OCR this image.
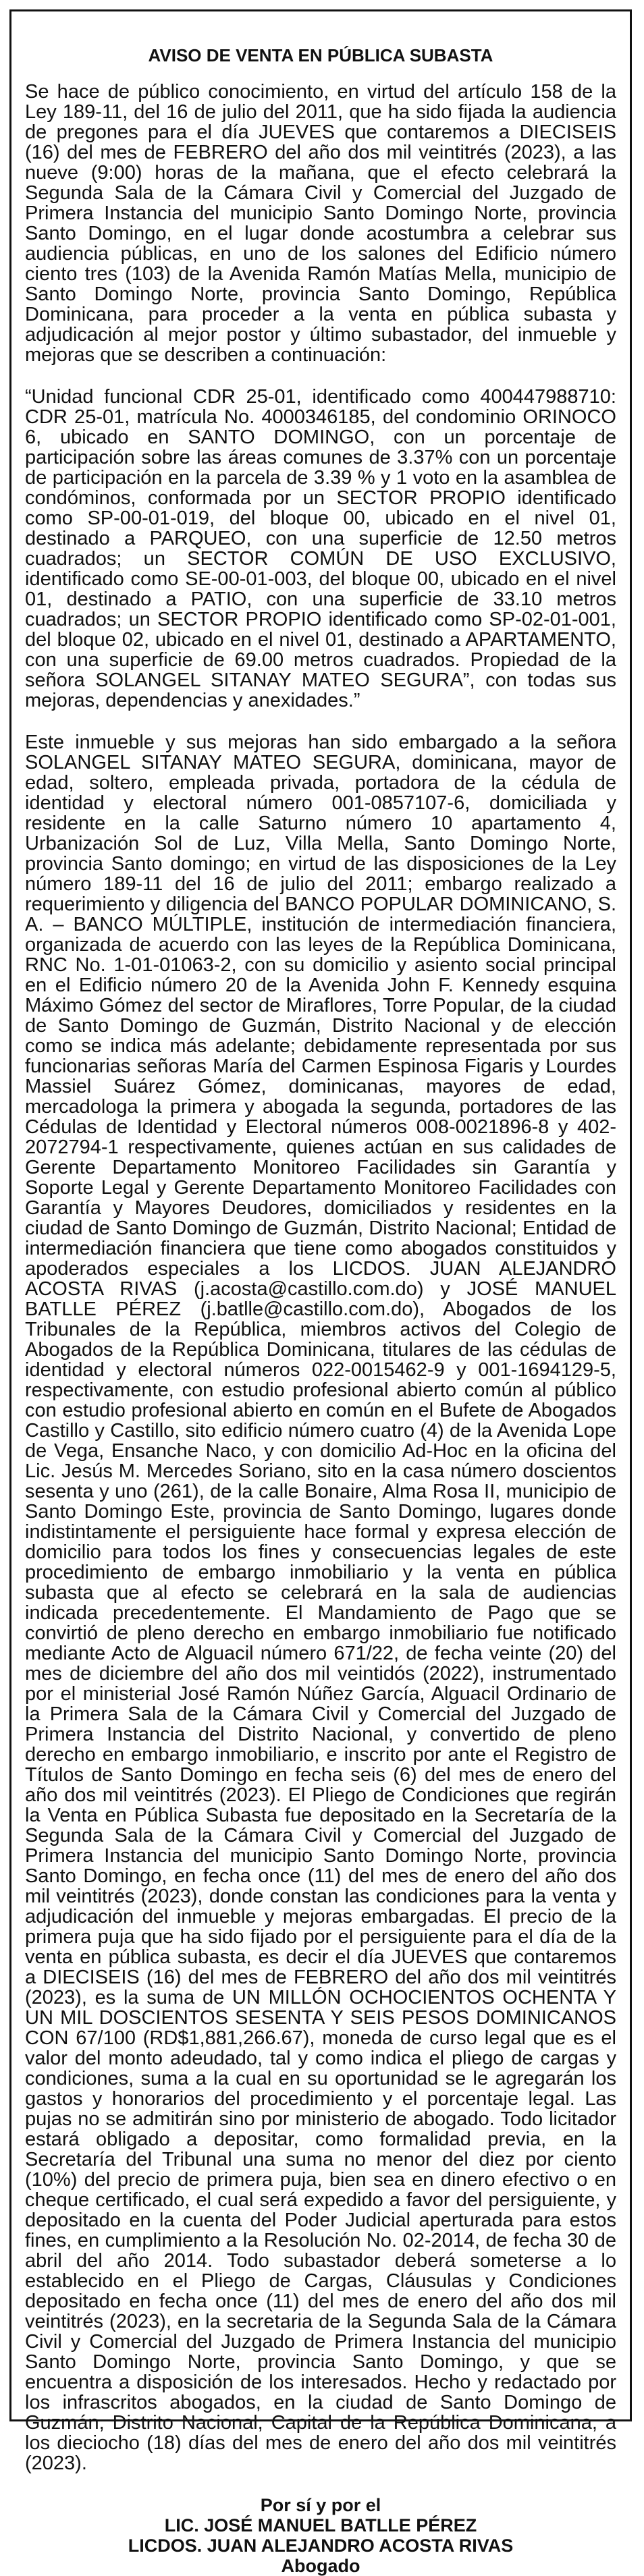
AVISO DE VENTA EN PÚBLICA SUBASTA

Se hace de público conocimiento, en virtud del artículo 158 de la Ley 189-11, del 16 de julio del 2011, que ha sido fijada la audiencia de pregones para el día JUEVES que contaremos a DIECISEIS (16) del mes de FEBRERO del año dos mil veintitrés (2023), a las nueve (9:00) horas de la mañana, que el efecto celebrará la Segunda Sala de la Cámara Civil y Comercial del Juzgado de Primera Instancia del municipio Santo Domingo Norte, provincia Santo Domingo, en el lugar donde acostumbra a celebrar sus audiencia públicas, en uno de los salones del Edificio número ciento tres (103) de la Avenida Ramón Matías Mella, municipio de Santo Domingo Norte, provincia Santo Domingo, República Dominicana, para proceder a la venta en pública subasta y adjudicación al mejor postor y último subastador, del inmueble y mejoras que se describen a continuación:

“Unidad funcional CDR 25-01, identificado como 400447988710: CDR 25-01, matrícula No. 4000346185, del condominio ORINOCO 6, ubicado en SANTO DOMINGO, con un porcentaje de participación sobre las áreas comunes de 3.37% con un porcentaje de participación en la parcela de 3.39 % y 1 voto en la asamblea de condóminos, conformada por un SECTOR PROPIO identificado como SP-00-01-019, del bloque 00, ubicado en el nivel 01, destinado a PARQUEO, con una superficie de 12.50 metros cuadrados; un SECTOR COMÚN DE USO EXCLUSIVO, identificado como SE-00-01-003, del bloque 00, ubicado en el nivel 01, destinado a PATIO, con una superficie de 33.10 metros cuadrados; un SECTOR PROPIO identificado como SP-02-01-001, del bloque 02, ubicado en el nivel 01, destinado a APARTAMENTO, con una superficie de 69.00 metros cuadrados. Propiedad de la señora SOLANGEL SITANAY MATEO SEGURA”, con todas sus mejoras, dependencias y anexidades.”

Este inmueble y sus mejoras han sido embargado a la señora SOLANGEL SITANAY MATEO SEGURA, dominicana, mayor de edad, soltero, empleada privada, portadora de la cédula de identidad y electoral número 001-0857107-6, domiciliada y residente en la calle Saturno número 10 apartamento 4, Urbanización Sol de Luz, Villa Mella, Santo Domingo Norte, provincia Santo domingo; en virtud de las disposiciones de la Ley número 189-11 del 16 de julio del 2011; embargo realizado a requerimiento y diligencia del BANCO POPULAR DOMINICANO, S. A. – BANCO MÚLTIPLE, institución de intermediación financiera, organizada de acuerdo con las leyes de la República Dominicana, RNC No. 1-01-01063-2, con su domicilio y asiento social principal en el Edificio número 20 de la Avenida John F. Kennedy esquina Máximo Gómez del sector de Miraflores, Torre Popular, de la ciudad de Santo Domingo de Guzmán, Distrito Nacional y de elección como se indica más adelante; debidamente representada por sus funcionarias señoras María del Carmen Espinosa Figaris y Lourdes Massiel Suárez Gómez, dominicanas, mayores de edad, mercadologa la primera y abogada la segunda, portadores de las Cédulas de Identidad y Electoral números 008-0021896-8 y 402-2072794-1 respectivamente, quienes actúan en sus calidades de Gerente Departamento Monitoreo Facilidades sin Garantía y Soporte Legal y Gerente Departamento Monitoreo Facilidades con Garantía y Mayores Deudores, domiciliados y residentes en la ciudad de Santo Domingo de Guzmán, Distrito Nacional; Entidad de intermediación financiera que tiene como abogados constituidos y apoderados especiales a los LICDOS. JUAN ALEJANDRO ACOSTA RIVAS (j.acosta@castillo.com.do) y JOSÉ MANUEL BATLLE PÉREZ (j.batlle@castillo.com.do), Abogados de los Tribunales de la República, miembros activos del Colegio de Abogados de la República Dominicana, titulares de las cédulas de identidad y electoral números 022-0015462-9 y 001-1694129-5, respectivamente, con estudio profesional abierto común al público con estudio profesional abierto en común en el Bufete de Abogados Castillo y Castillo, sito edificio número cuatro (4) de la Avenida Lope de Vega, Ensanche Naco, y con domicilio Ad-Hoc en la oficina del Lic. Jesús M. Mercedes Soriano, sito en la casa número doscientos sesenta y uno (261), de la calle Bonaire, Alma Rosa II, municipio de Santo Domingo Este, provincia de Santo Domingo, lugares donde indistintamente el persiguiente hace formal y expresa elección de domicilio para todos los fines y consecuencias legales de este procedimiento de embargo inmobiliario y la venta en pública subasta que al efecto se celebrará en la sala de audiencias indicada precedentemente. El Mandamiento de Pago que se convirtió de pleno derecho en embargo inmobiliario fue notificado mediante Acto de Alguacil número 671/22, de fecha veinte (20) del mes de diciembre del año dos mil veintidós (2022), instrumentado por el ministerial José Ramón Núñez García, Alguacil Ordinario de la Primera Sala de la Cámara Civil y Comercial del Juzgado de Primera Instancia del Distrito Nacional, y convertido de pleno derecho en embargo inmobiliario, e inscrito por ante el Registro de Títulos de Santo Domingo en fecha seis (6) del mes de enero del año dos mil veintitrés (2023). El Pliego de Condiciones que regirán la Venta en Pública Subasta fue depositado en la Secretaría de la Segunda Sala de la Cámara Civil y Comercial del Juzgado de Primera Instancia del municipio Santo Domingo Norte, provincia Santo Domingo, en fecha once (11) del mes de enero del año dos mil veintitrés (2023), donde constan las condiciones para la venta y adjudicación del inmueble y mejoras embargadas. El precio de la primera puja que ha sido fijado por el persiguiente para el día de la venta en pública subasta, es decir el día JUEVES que contaremos a DIECISEIS (16) del mes de FEBRERO del año dos mil veintitrés (2023), es la suma de UN MILLÓN OCHOCIENTOS OCHENTA Y UN MIL DOSCIENTOS SESENTA Y SEIS PESOS DOMINICANOS CON 67/100 (RD$1,881,266.67), moneda de curso legal que es el valor del monto adeudado, tal y como indica el pliego de cargas y condiciones, suma a la cual en su oportunidad se le agregarán los gastos y honorarios del procedimiento y el porcentaje legal. Las pujas no se admitirán sino por ministerio de abogado. Todo licitador estará obligado a depositar, como formalidad previa, en la Secretaría del Tribunal una suma no menor del diez por ciento (10%) del precio de primera puja, bien sea en dinero efectivo o en cheque certificado, el cual será expedido a favor del persiguiente, y depositado en la cuenta del Poder Judicial aperturada para estos fines, en cumplimiento a la Resolución No. 02-2014, de fecha 30 de abril del año 2014. Todo subastador deberá someterse a lo establecido en el Pliego de Cargas, Cláusulas y Condiciones depositado en fecha once (11) del mes de enero del año dos mil veintitrés (2023), en la secretaria de la Segunda Sala de la Cámara Civil y Comercial del Juzgado de Primera Instancia del municipio Santo Domingo Norte, provincia Santo Domingo, y que se encuentra a disposición de los interesados. Hecho y redactado por los infrascritos abogados, en la ciudad de Santo Domingo de Guzmán, Distrito Nacional, Capital de la República Dominicana, a los dieciocho (18) días del mes de enero del año dos mil veintitrés (2023).

Por sí y por el

LIC. JOSÉ MANUEL BATLLE PÉREZ

LICDOS. JUAN ALEJANDRO ACOSTA RIVAS

Abogado
